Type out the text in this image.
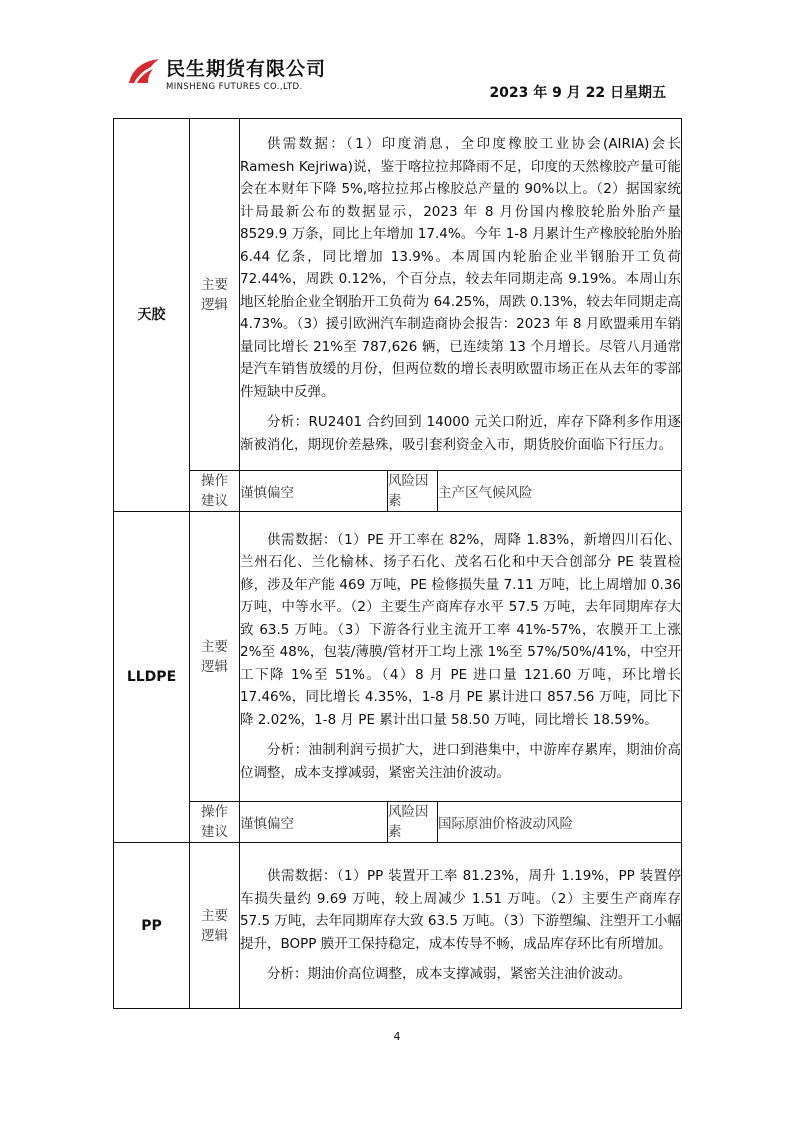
民生期货有限公司
MINSHENG FUTURES CO.,LTD.	2023 年 9 月 22 日星期五
天胶	主要逻辑	供需数据：（1）印度消息，全印度橡胶工业协会(AIRIA)会长 Ramesh Kejriwa)说，鉴于喀拉拉邦降雨不足，印度的天然橡胶产量可能会在本财年下降 5%,喀拉拉邦占橡胶总产量的 90%以上。（2）据国家统计局最新公布的数据显示，2023 年 8 月份国内橡胶轮胎外胎产量 8529.9 万条，同比上年增加 17.4%。今年 1-8 月累计生产橡胶轮胎外胎 6.44 亿条，同比增加 13.9%。本周国内轮胎企业半钢胎开工负荷 72.44%，周跌 0.12%，个百分点，较去年同期走高 9.19%。本周山东地区轮胎企业全钢胎开工负荷为 64.25%，周跌 0.13%，较去年同期走高 4.73%。（3）援引欧洲汽车制造商协会报告：2023 年 8 月欧盟乘用车销量同比增长 21%至 787,626 辆，已连续第 13 个月增长。尽管八月通常是汽车销售放缓的月份，但两位数的增长表明欧盟市场正在从去年的零部件短缺中反弹。

分析：RU2401 合约回到 14000 元关口附近，库存下降利多作用逐渐被消化，期现价差悬殊，吸引套利资金入市，期货胶价面临下行压力。		

	操作建议	谨慎偏空	风险因素	主产区气候风险
LLDPE	主要逻辑	供需数据：（1）PE 开工率在 82%，周降 1.83%，新增四川石化、兰州石化、兰化榆林、扬子石化、茂名石化和中天合创部分 PE 装置检修，涉及年产能 469 万吨，PE 检修损失量 7.11 万吨，比上周增加 0.36 万吨，中等水平。（2）主要生产商库存水平 57.5 万吨，去年同期库存大致 63.5 万吨。（3）下游各行业主流开工率 41%-57%，农膜开工上涨 2%至 48%，包装/薄膜/管材开工均上涨 1%至 57%/50%/41%，中空开工下降 1%至 51%。（4）8 月 PE 进口量 121.60 万吨，环比增长 17.46%，同比增长 4.35%，1-8 月 PE 累计进口 857.56 万吨，同比下降 2.02%，1-8 月 PE 累计出口量 58.50 万吨，同比增长 18.59%。

分析：油制利润亏损扩大，进口到港集中，中游库存累库，期油价高位调整，成本支撑减弱，紧密关注油价波动。		

	操作建议	谨慎偏空	风险因素	国际原油价格波动风险
PP	主要逻辑	供需数据：（1）PP 装置开工率 81.23%，周升 1.19%，PP 装置停车损失量约 9.69 万吨，较上周减少 1.51 万吨。（2）主要生产商库存 57.5 万吨，去年同期库存大致 63.5 万吨。（3）下游塑编、注塑开工小幅提升，BOPP 膜开工保持稳定，成本传导不畅，成品库存环比有所增加。

分析：期油价高位调整，成本支撑减弱，紧密关注油价波动。		

4
